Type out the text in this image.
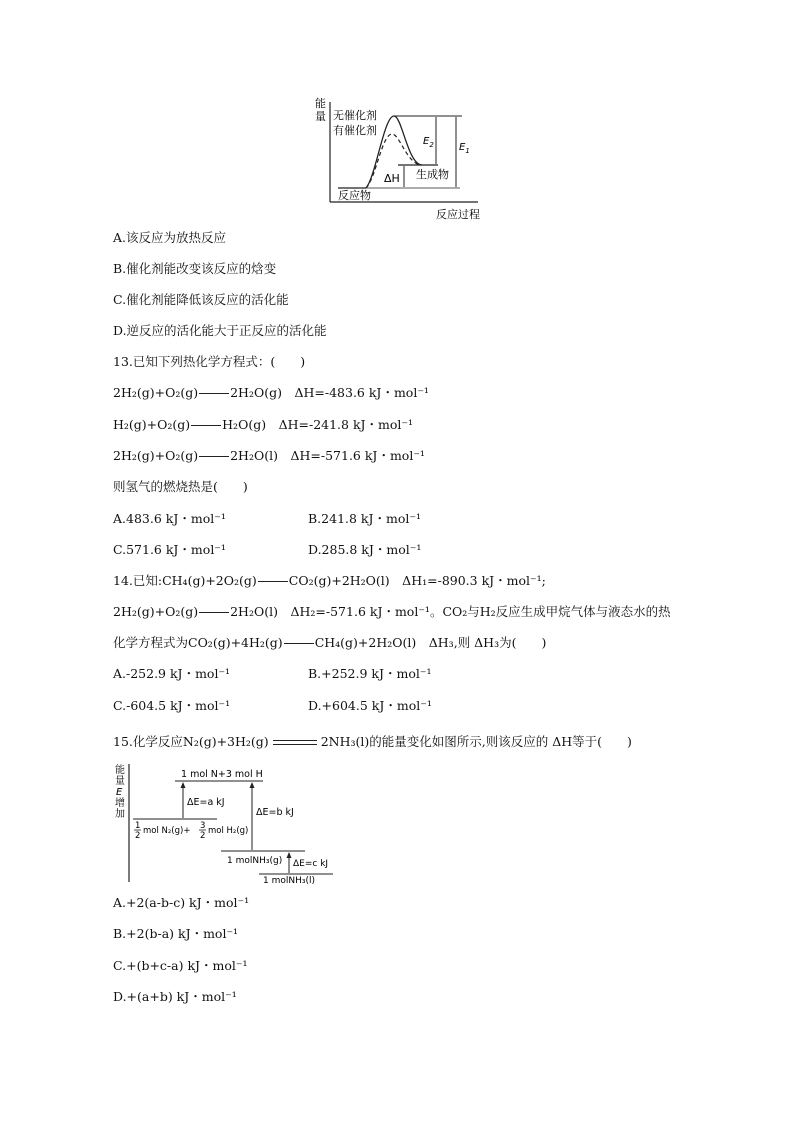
能
量 无催化剂
有催化剂
$E_2$	$E_1$
ΔH 生成物
反应物
反应过程
A.该反应为放热反应
B.催化剂能改变该反应的焓变
C.催化剂能降低该反应的活化能
D.逆反应的活化能大于正反应的活化能
13.已知下列热化学方程式：(　　)
2H₂(g)+O₂(g)	2H₂O(g)　ΔH=-483.6 kJ・mol⁻¹
H₂(g)+O₂(g)	H₂O(g)　ΔH=-241.8 kJ・mol⁻¹
2H₂(g)+O₂(g)	2H₂O(l)　ΔH=-571.6 kJ・mol⁻¹
则氢气的燃烧热是(　　)
A.483.6 kJ・mol⁻¹	B.241.8 kJ・mol⁻¹
C.571.6 kJ・mol⁻¹	D.285.8 kJ・mol⁻¹
14.已知:CH₄(g)+2O₂(g)	CO₂(g)+2H₂O(l)　ΔH₁=-890.3 kJ・mol⁻¹;
2H₂(g)+O₂(g)	2H₂O(l)　ΔH₂=-571.6 kJ・mol⁻¹。CO₂与H₂反应生成甲烷气体与液态水的热
化学方程式为CO₂(g)+4H₂(g)	CH₄(g)+2H₂O(l)　ΔH₃,则 ΔH₃为(　　)
A.-252.9 kJ・mol⁻¹	B.+252.9 kJ・mol⁻¹
C.-604.5 kJ・mol⁻¹	D.+604.5 kJ・mol⁻¹
15.化学反应N₂(g)+3H₂(g)	2NH₃(l)的能量变化如图所示,则该反应的 ΔH等于(　　)
能
量
E
增
加
1 mol N+3 mol H
ΔE=a kJ
1
2 mol N₂(g)+ 3
2 mol H₂(g)
ΔE=b kJ
1 molNH₃(g) ΔE=c kJ
1 molNH₃(l)
A.+2(a-b-c) kJ・mol⁻¹
B.+2(b-a) kJ・mol⁻¹
C.+(b+c-a) kJ・mol⁻¹
D.+(a+b) kJ・mol⁻¹
